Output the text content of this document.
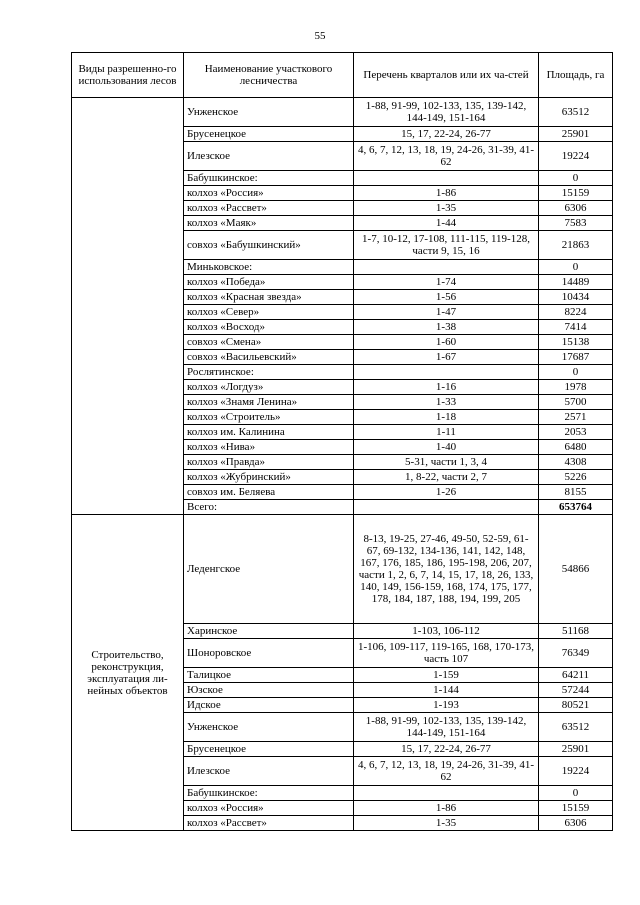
55
Виды разрешенно-го использования лесов	Наименование участкового лесничества	Перечень кварталов или их ча-стей	Площадь, га
	Унженское	1-88, 91-99, 102-133, 135, 139-142, 144-149, 151-164	63512
	Брусенецкое	15, 17, 22-24, 26-77	25901
	Илезское	4, 6, 7, 12, 13, 18, 19, 24-26, 31-39, 41-62	19224
	Бабушкинское:		0
	колхоз «Россия»	1-86	15159
	колхоз «Рассвет»	1-35	6306
	колхоз «Маяк»	1-44	7583
	совхоз «Бабушкинский»	1-7, 10-12, 17-108, 111-115, 119-128, части 9, 15, 16	21863
	Миньковское:		0
	колхоз «Победа»	1-74	14489
	колхоз «Красная звезда»	1-56	10434
	колхоз «Север»	1-47	8224
	колхоз «Восход»	1-38	7414
	совхоз «Смена»	1-60	15138
	совхоз «Васильевский»	1-67	17687
	Рослятинское:		0
	колхоз «Логдуз»	1-16	1978
	колхоз «Знамя Ленина»	1-33	5700
	колхоз «Строитель»	1-18	2571
	колхоз им. Калинина	1-11	2053
	колхоз «Нива»	1-40	6480
	колхоз «Правда»	5-31, части 1, 3, 4	4308
	колхоз «Жубринский»	1, 8-22, части 2, 7	5226
	совхоз им. Беляева	1-26	8155
	Всего:		653764
Строительство, реконструкция, эксплуатация ли-нейных объектов	Леденгское	8-13, 19-25, 27-46, 49-50, 52-59, 61-67, 69-132, 134-136, 141, 142, 148, 167, 176, 185, 186, 195-198, 206, 207, части 1, 2, 6, 7, 14, 15, 17, 18, 26, 133, 140, 149, 156-159, 168, 174, 175, 177, 178, 184, 187, 188, 194, 199, 205	54866
	Харинское	1-103, 106-112	51168
	Шоноровское	1-106, 109-117, 119-165, 168, 170-173, часть 107	76349
	Талицкое	1-159	64211
	Юзское	1-144	57244
	Идское	1-193	80521
	Унженское	1-88, 91-99, 102-133, 135, 139-142, 144-149, 151-164	63512
	Брусенецкое	15, 17, 22-24, 26-77	25901
	Илезское	4, 6, 7, 12, 13, 18, 19, 24-26, 31-39, 41-62	19224
	Бабушкинское:		0
	колхоз «Россия»	1-86	15159
	колхоз «Рассвет»	1-35	6306
